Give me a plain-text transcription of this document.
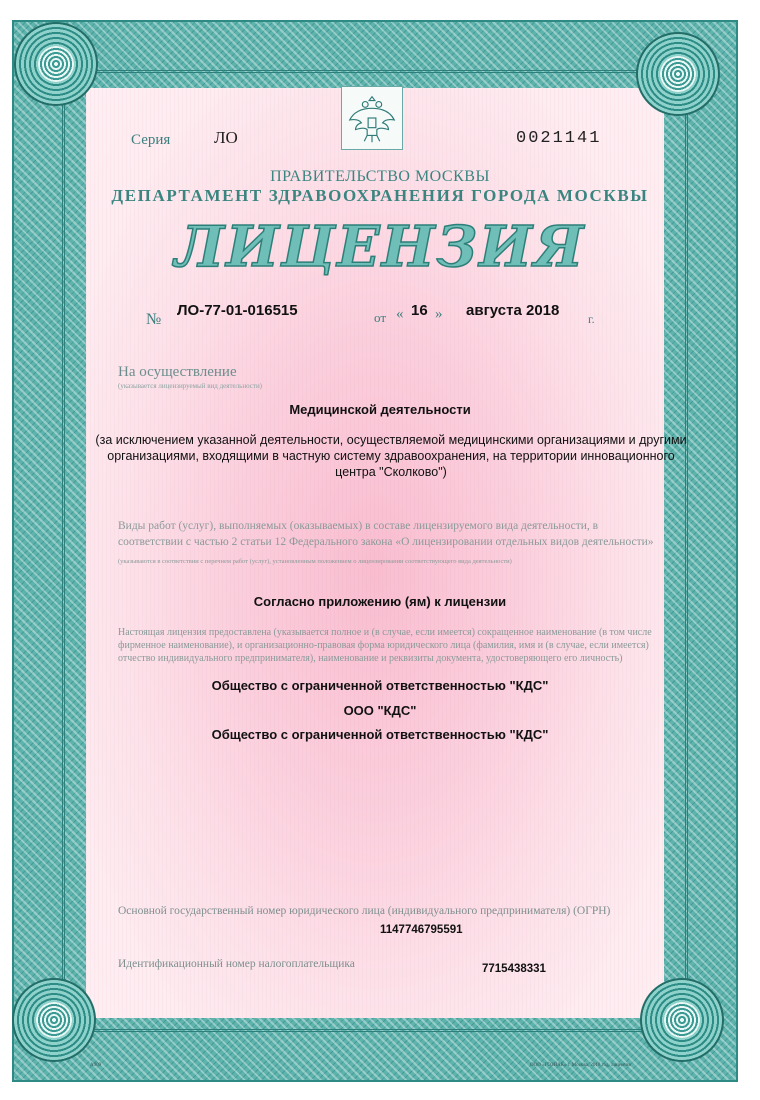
Серия	ЛО	0021141
ПРАВИТЕЛЬСТВО МОСКВЫ
ДЕПАРТАМЕНТ ЗДРАВООХРАНЕНИЯ ГОРОДА МОСКВЫ
ЛИЦЕНЗИЯ
№
ЛО-77-01-016515	от « 16 » августа 2018 г.
На осуществление
(указывается лицензируемый вид деятельности)
Медицинской деятельности
(за исключением указанной деятельности, осуществляемой медицинскими организациями и другими организациями, входящими в частную систему здравоохранения, на территории инновационного центра "Сколково")
Виды работ (услуг), выполняемых (оказываемых) в составе лицензируемого вида деятельности, в соответствии с частью 2 статьи 12 Федерального закона «О лицензировании отдельных видов деятельности»
(указываются в соответствии с перечнем работ (услуг), установленным положением о лицензировании соответствующего вида деятельности)
Согласно приложению (ям) к лицензии
Настоящая лицензия предоставлена (указывается полное и (в случае, если имеется) сокращенное наименование (в том числе фирменное наименование), и организационно-правовая форма юридического лица (фамилия, имя и (в случае, если имеется) отчество индивидуального предпринимателя), наименование и реквизиты документа, удостоверяющего его личность)
Общество с ограниченной ответственностью "КДС"
ООО "КДС"
Общество с ограниченной ответственностью "КДС"
Основной государственный номер юридического лица (индивидуального предпринимателя) (ОГРН)
1147746795591
Идентификационный номер налогоплательщика	7715438331
А909	ООО «ГОЗНАК» г. Москва, 2018 год, лицензия
